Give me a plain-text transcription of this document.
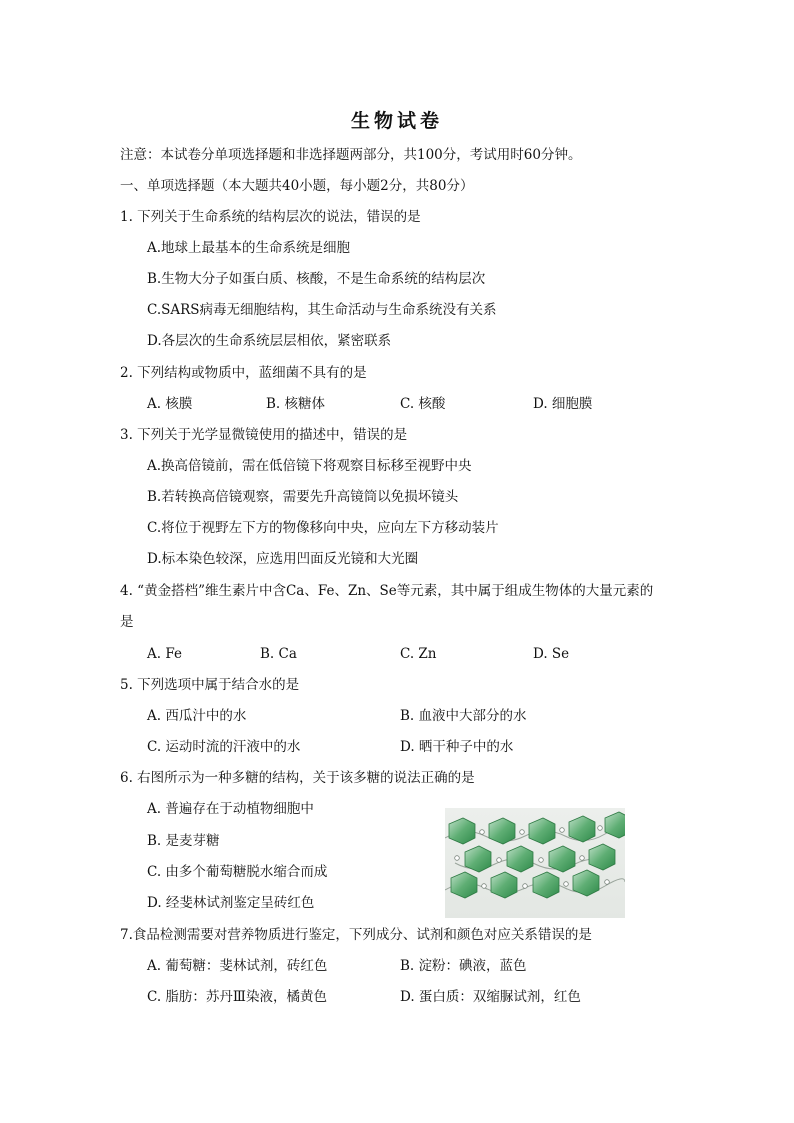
生物试卷
注意：本试卷分单项选择题和非选择题两部分，共100分，考试用时60分钟。
一、单项选择题（本大题共40小题，每小题2分，共80分）
1. 下列关于生命系统的结构层次的说法，错误的是
A.地球上最基本的生命系统是细胞
B.生物大分子如蛋白质、核酸，不是生命系统的结构层次
C.SARS病毒无细胞结构，其生命活动与生命系统没有关系
D.各层次的生命系统层层相依，紧密联系
2. 下列结构或物质中，蓝细菌不具有的是
A. 核膜	B. 核糖体	C. 核酸	D. 细胞膜
3. 下列关于光学显微镜使用的描述中，错误的是
A.换高倍镜前，需在低倍镜下将观察目标移至视野中央
B.若转换高倍镜观察，需要先升高镜筒以免损坏镜头
C.将位于视野左下方的物像移向中央，应向左下方移动装片
D.标本染色较深，应选用凹面反光镜和大光圈
4. “黄金搭档”维生素片中含Ca、Fe、Zn、Se等元素，其中属于组成生物体的大量元素的
是
A. Fe	B. Ca	C. Zn	D. Se
5. 下列选项中属于结合水的是
A. 西瓜汁中的水	B. 血液中大部分的水
C. 运动时流的汗液中的水	D. 晒干种子中的水
6. 右图所示为一种多糖的结构，关于该多糖的说法正确的是
A. 普遍存在于动植物细胞中
B. 是麦芽糖
C. 由多个葡萄糖脱水缩合而成
D. 经斐林试剂鉴定呈砖红色
7.食品检测需要对营养物质进行鉴定，下列成分、试剂和颜色对应关系错误的是
A. 葡萄糖：斐林试剂，砖红色	B. 淀粉：碘液，蓝色
C. 脂肪：苏丹Ⅲ染液，橘黄色	D. 蛋白质：双缩脲试剂，红色
